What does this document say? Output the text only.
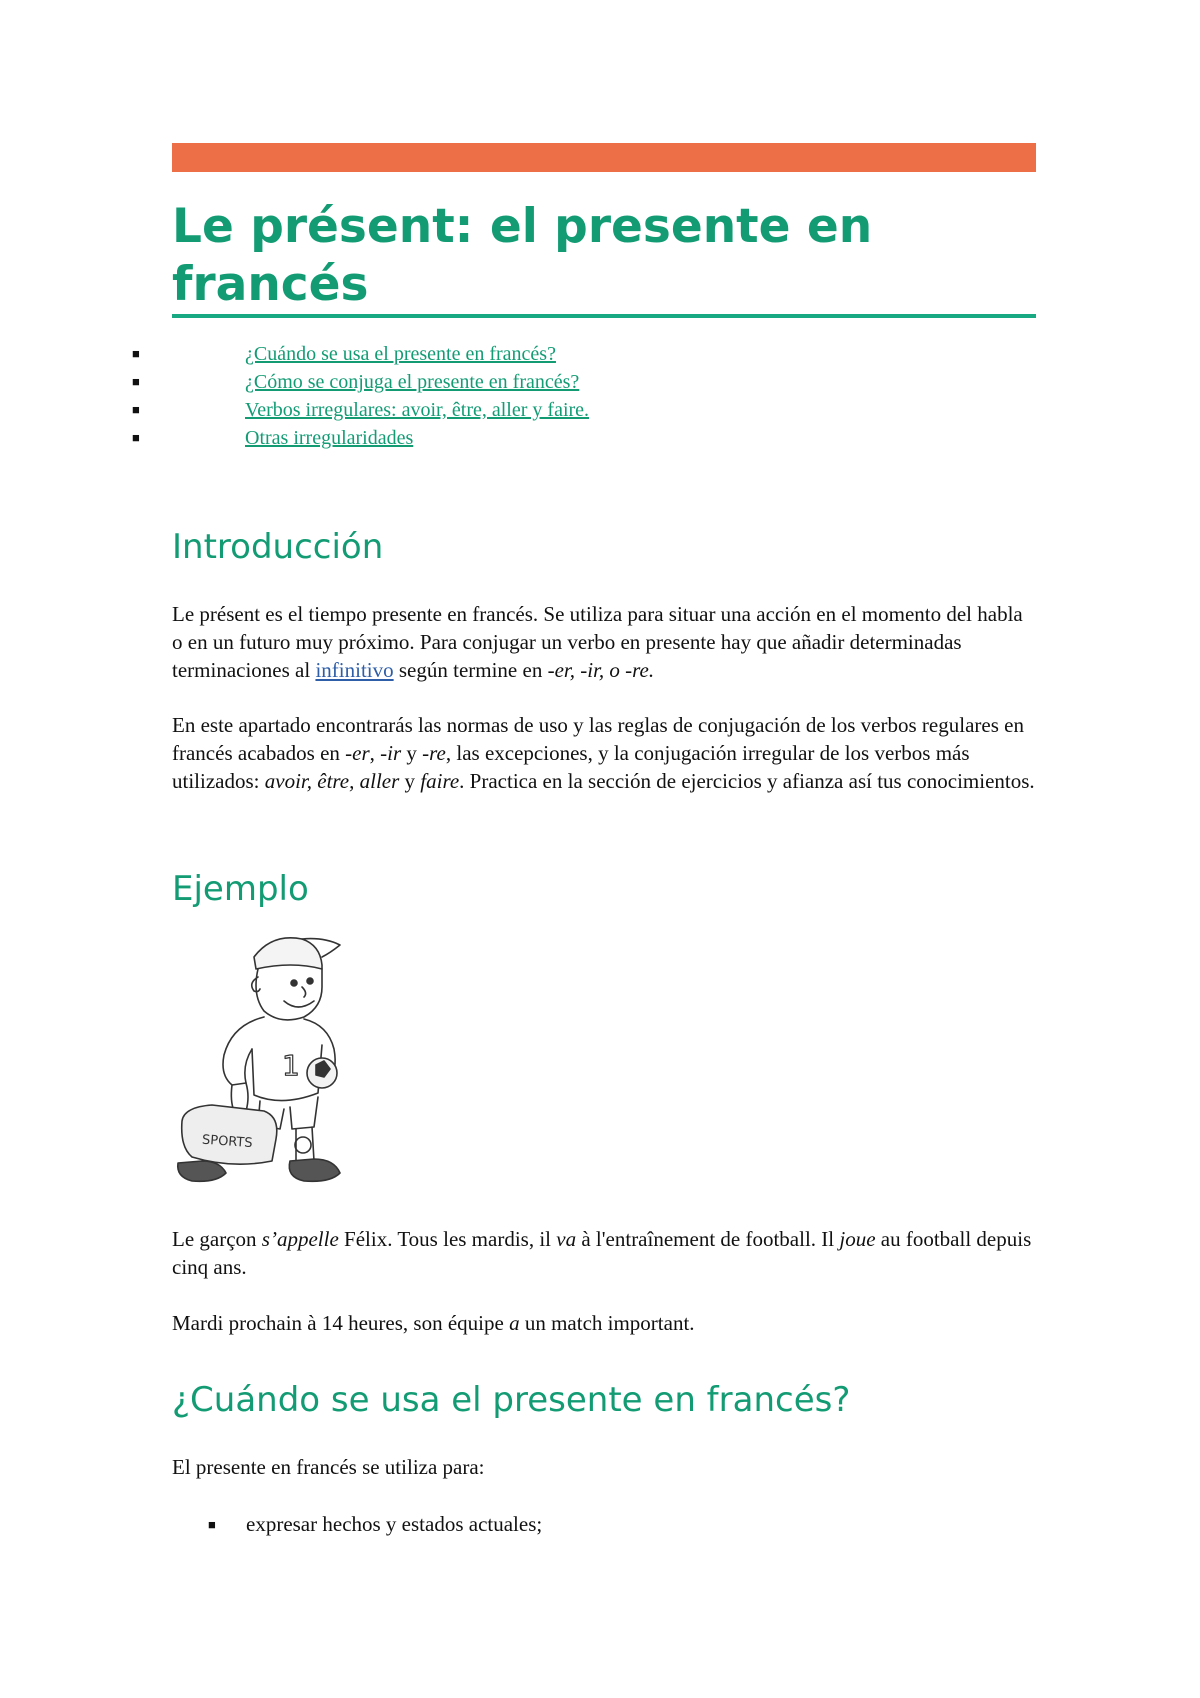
Le présent: el presente en francés
■	¿Cuándo se usa el presente en francés?
■	¿Cómo se conjuga el presente en francés?
■	Verbos irregulares: avoir, être, aller y faire.
■	Otras irregularidades
Introducción

Le présent es el tiempo presente en francés. Se utiliza para situar una acción en el momento del habla o en un futuro muy próximo. Para conjugar un verbo en presente hay que añadir determinadas terminaciones al infinitivo según termine en -er, -ir, o -re.

En este apartado encontrarás las normas de uso y las reglas de conjugación de los verbos regulares en francés acabados en -er, -ir y -re, las excepciones, y la conjugación irregular de los verbos más utilizados: avoir, être, aller y faire. Practica en la sección de ejercicios y afianza así tus conocimientos.

Ejemplo
1
SPORTS

Le garçon s’appelle Félix. Tous les mardis, il va à l'entraînement de football. Il joue au football depuis cinq ans.

Mardi prochain à 14 heures, son équipe a un match important.

¿Cuándo se usa el presente en francés?

El presente en francés se utiliza para:

■ expresar hechos y estados actuales;
